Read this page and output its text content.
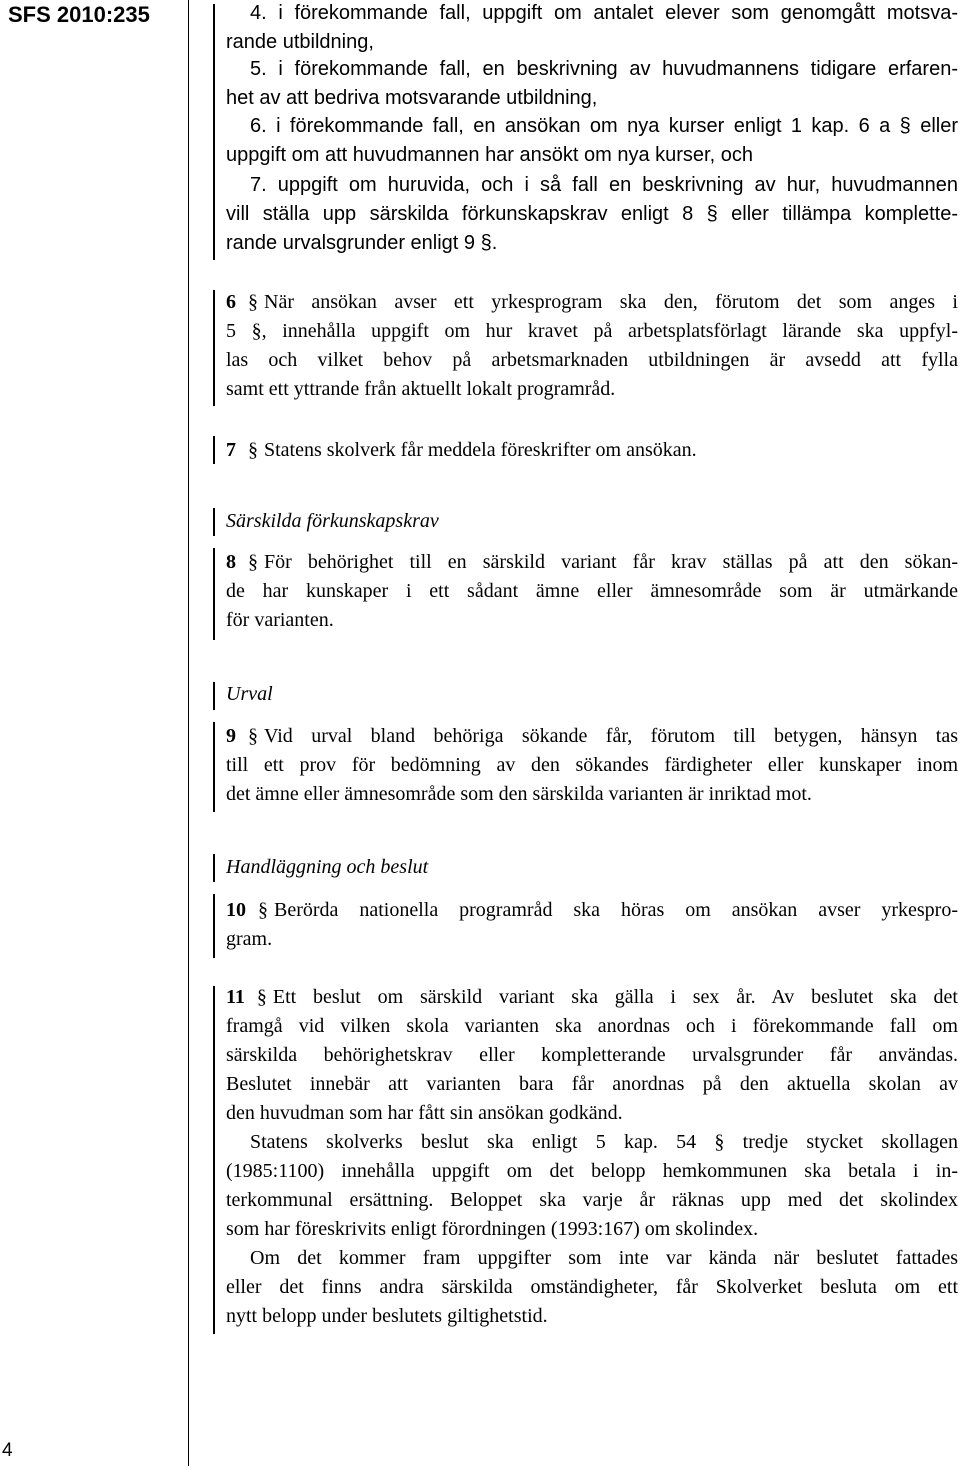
SFS 2010:235
4
4. i förekommande fall, uppgift om antalet elever som genomgått motsva-
rande utbildning,
5. i förekommande fall, en beskrivning av huvudmannens tidigare erfaren-
het av att bedriva motsvarande utbildning,
6. i förekommande fall, en ansökan om nya kurser enligt 1 kap. 6 a § eller
uppgift om att huvudmannen har ansökt om nya kurser, och
7. uppgift om huruvida, och i så fall en beskrivning av hur, huvudmannen
vill ställa upp särskilda förkunskapskrav enligt 8 § eller tillämpa komplette-
rande urvalsgrunder enligt 9 §.
6 § När ansökan avser ett yrkesprogram ska den, förutom det som anges i
5 §, innehålla uppgift om hur kravet på arbetsplatsförlagt lärande ska uppfyl-
las och vilket behov på arbetsmarknaden utbildningen är avsedd att fylla
samt ett yttrande från aktuellt lokalt programråd.
7 § Statens skolverk får meddela föreskrifter om ansökan.
Särskilda förkunskapskrav
8 § För behörighet till en särskild variant får krav ställas på att den sökan-
de har kunskaper i ett sådant ämne eller ämnesområde som är utmärkande
för varianten.
Urval
9 § Vid urval bland behöriga sökande får, förutom till betygen, hänsyn tas
till ett prov för bedömning av den sökandes färdigheter eller kunskaper inom
det ämne eller ämnesområde som den särskilda varianten är inriktad mot.
Handläggning och beslut
10 § Berörda nationella programråd ska höras om ansökan avser yrkespro-
gram.
11 § Ett beslut om särskild variant ska gälla i sex år. Av beslutet ska det
framgå vid vilken skola varianten ska anordnas och i förekommande fall om
särskilda behörighetskrav eller kompletterande urvalsgrunder får användas.
Beslutet innebär att varianten bara får anordnas på den aktuella skolan av
den huvudman som har fått sin ansökan godkänd.
Statens skolverks beslut ska enligt 5 kap. 54 § tredje stycket skollagen
(1985:1100) innehålla uppgift om det belopp hemkommunen ska betala i in-
terkommunal ersättning. Beloppet ska varje år räknas upp med det skolindex
som har föreskrivits enligt förordningen (1993:167) om skolindex.
Om det kommer fram uppgifter som inte var kända när beslutet fattades
eller det finns andra särskilda omständigheter, får Skolverket besluta om ett
nytt belopp under beslutets giltighetstid.
